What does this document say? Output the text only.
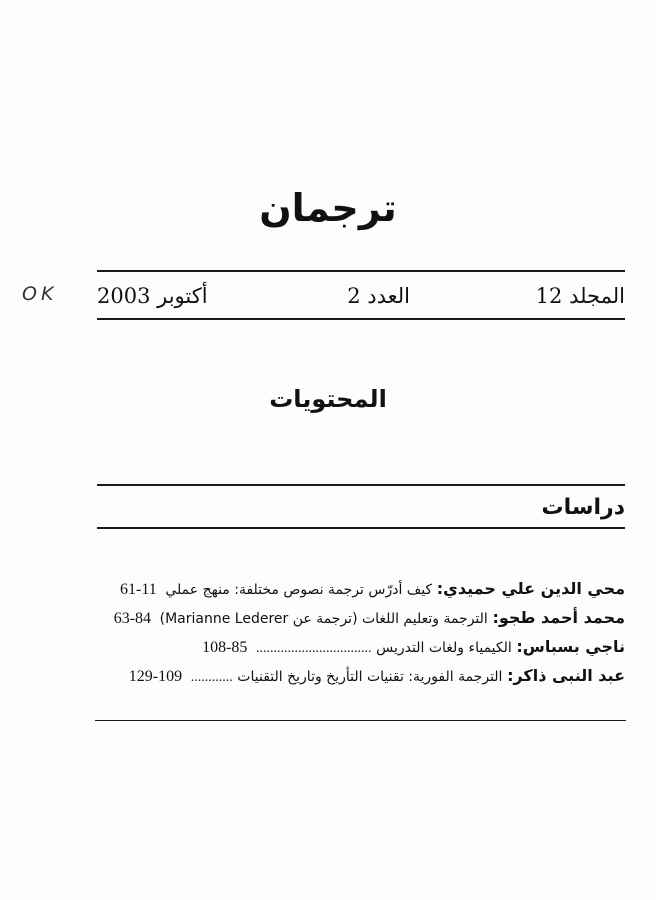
ترجمان
OK	المجلد 12
العدد 2
أكتوبر 2003
المحتويات
دراسات
محي الدين علي حميدي: كيف أدرّس ترجمة نصوص مختلفة: منهج عملي 11-61
محمد أحمد طجو: الترجمة وتعليم اللغات (ترجمة عن Marianne Lederer) 63-84
ناجي بسباس: الكيمياء ولغات التدريس ................................. 85-108
عبد النبى ذاكر: الترجمة الفورية: تقنيات التأريخ وتاريخ التقنيات ............ 109-129
